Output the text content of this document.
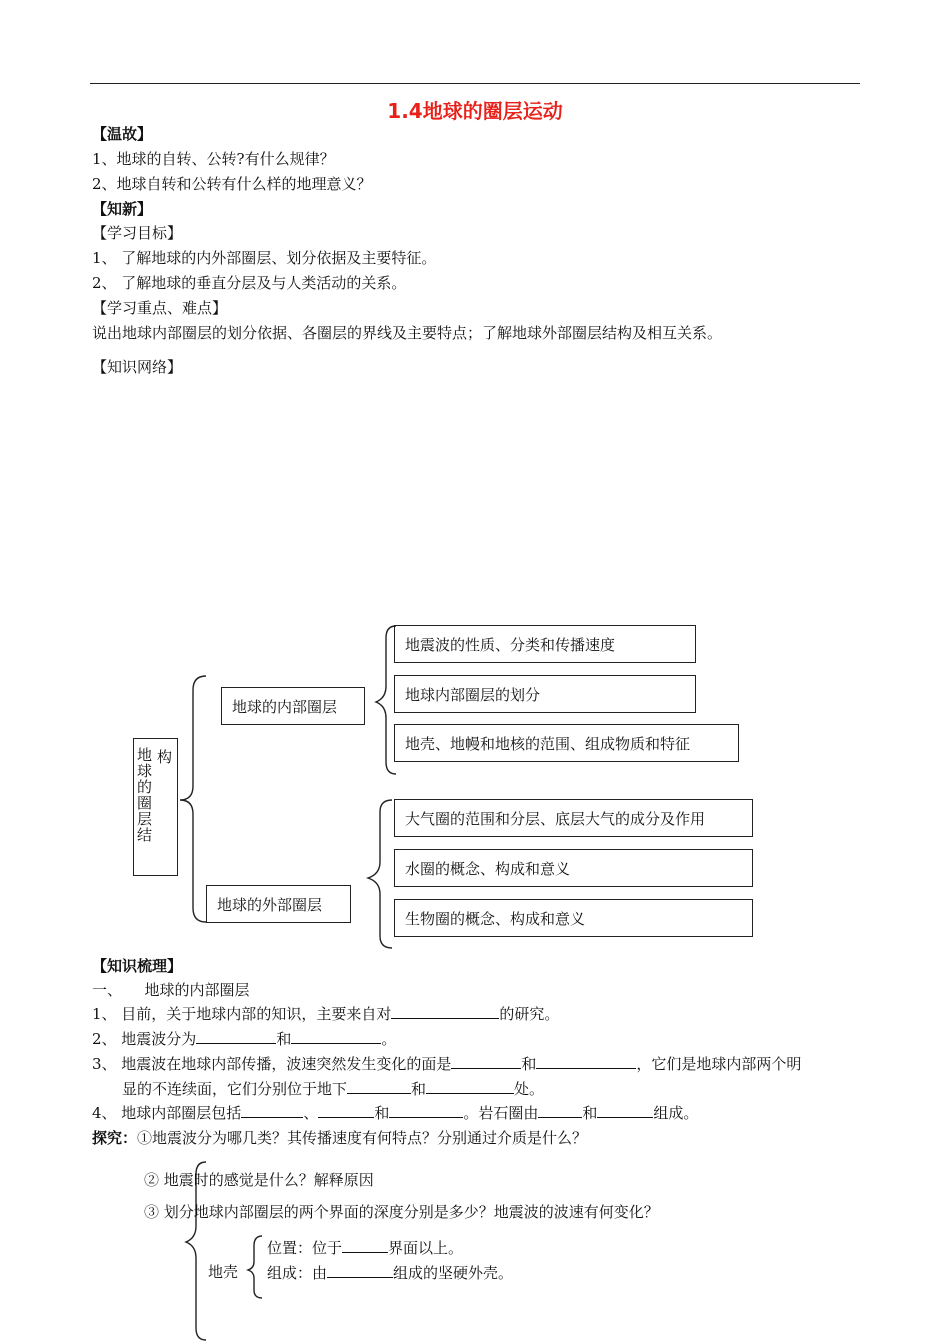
1.4地球的圈层运动
【温故】
1、地球的自转、公转?有什么规律？
2、地球自转和公转有什么样的地理意义？
【知新】
【学习目标】
1、 了解地球的内外部圈层、划分依据及主要特征。
2、 了解地球的垂直分层及与人类活动的关系。
【学习重点、难点】
说出地球内部圈层的划分依据、各圈层的界线及主要特点；了解地球外部圈层结构及相互关系。
【知识网络】
构
地球的圈层结
地球的内部圈层
地球的外部圈层
地震波的性质、分类和传播速度
地球内部圈层的划分
地壳、地幔和地核的范围、组成物质和特征
大气圈的范围和分层、底层大气的成分及作用
水圈的概念、构成和意义
生物圈的概念、构成和意义
【知识梳理】
一、　　地球的内部圈层
1、 目前，关于地球内部的知识，主要来自对	的研究。
2、 地震波分为	和	。
3、 地震波在地球内部传播，波速突然发生变化的面是	和	，它们是地球内部两个明
显的不连续面，它们分别位于地下	和	处。
4、 地球内部圈层包括	、	和	。岩石圈由	和	组成。
探究：①地震波分为哪几类？其传播速度有何特点？分别通过介质是什么？
② 地震时的感觉是什么？解释原因
③ 划分地球内部圈层的两个界面的深度分别是多少？地震波的波速有何变化？
地壳
位置：位于	界面以上。
组成：由	组成的坚硬外壳。
